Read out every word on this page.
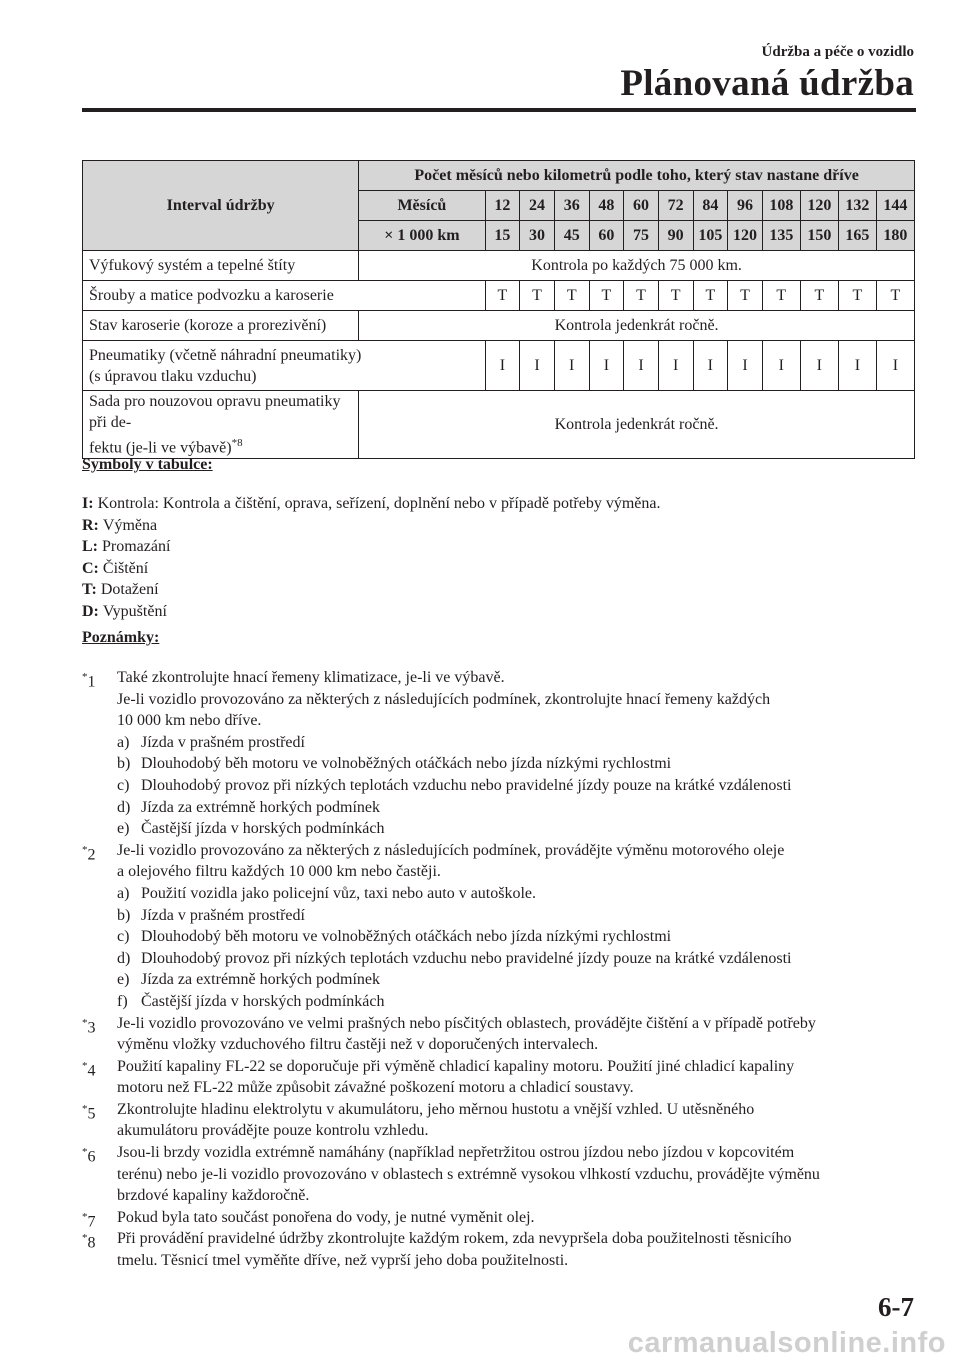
Údržba a péče o vozidlo
Plánovaná údržba
Interval údržby	Počet měsíců nebo kilometrů podle toho, který stav nastane dříve												
	Měsíců	12	24	36	48	60	72	84	96	108	120	132	144
	× 1 000 km	15	30	45	60	75	90	105	120	135	150	165	180
Výfukový systém a tepelné štíty	Kontrola po každých 75 000 km.												
Šrouby a matice podvozku a karoserie		T	T	T	T	T	T	T	T	T	T	T	T
Stav karoserie (koroze a prorezivění)	Kontrola jedenkrát ročně.												
Pneumatiky (včetně náhradní pneumatiky)
(s úpravou tlaku vzduchu)		I	I	I	I	I	I	I	I	I	I	I	I
Sada pro nouzovou opravu pneumatiky při de-
fektu (je-li ve výbavě)$^{*8}$	Kontrola jedenkrát ročně.												
Symboly v tabulce:
I: Kontrola: Kontrola a čištění, oprava, seřízení, doplnění nebo v případě potřeby výměna.
R: Výměna
L: Promazání
C: Čištění
T: Dotažení
D: Vypuštění
Poznámky:
*1 Také zkontrolujte hnací řemeny klimatizace, je-li ve výbavě.
Je-li vozidlo provozováno za některých z následujících podmínek, zkontrolujte hnací řemeny každých
10 000 km nebo dříve.
a) Jízda v prašném prostředí
b) Dlouhodobý běh motoru ve volnoběžných otáčkách nebo jízda nízkými rychlostmi
c) Dlouhodobý provoz při nízkých teplotách vzduchu nebo pravidelné jízdy pouze na krátké vzdálenosti
d) Jízda za extrémně horkých podmínek
e) Častější jízda v horských podmínkách
*2 Je-li vozidlo provozováno za některých z následujících podmínek, provádějte výměnu motorového oleje
a olejového filtru každých 10 000 km nebo častěji.
a) Použití vozidla jako policejní vůz, taxi nebo auto v autoškole.
b) Jízda v prašném prostředí
c) Dlouhodobý běh motoru ve volnoběžných otáčkách nebo jízda nízkými rychlostmi
d) Dlouhodobý provoz při nízkých teplotách vzduchu nebo pravidelné jízdy pouze na krátké vzdálenosti
e) Jízda za extrémně horkých podmínek
f) Častější jízda v horských podmínkách
*3 Je-li vozidlo provozováno ve velmi prašných nebo písčitých oblastech, provádějte čištění a v případě potřeby
výměnu vložky vzduchového filtru častěji než v doporučených intervalech.
*4 Použití kapaliny FL-22 se doporučuje při výměně chladicí kapaliny motoru. Použití jiné chladicí kapaliny
motoru než FL-22 může způsobit závažné poškození motoru a chladicí soustavy.
*5 Zkontrolujte hladinu elektrolytu v akumulátoru, jeho měrnou hustotu a vnější vzhled. U utěsněného
akumulátoru provádějte pouze kontrolu vzhledu.
*6 Jsou-li brzdy vozidla extrémně namáhány (například nepřetržitou ostrou jízdou nebo jízdou v kopcovitém
terénu) nebo je-li vozidlo provozováno v oblastech s extrémně vysokou vlhkostí vzduchu, provádějte výměnu
brzdové kapaliny každoročně.
*7 Pokud byla tato součást ponořena do vody, je nutné vyměnit olej.
*8 Při provádění pravidelné údržby zkontrolujte každým rokem, zda nevypršela doba použitelnosti těsnicího
tmelu. Těsnicí tmel vyměňte dříve, než vyprší jeho doba použitelnosti.
6-7
carmanualsonline.info
